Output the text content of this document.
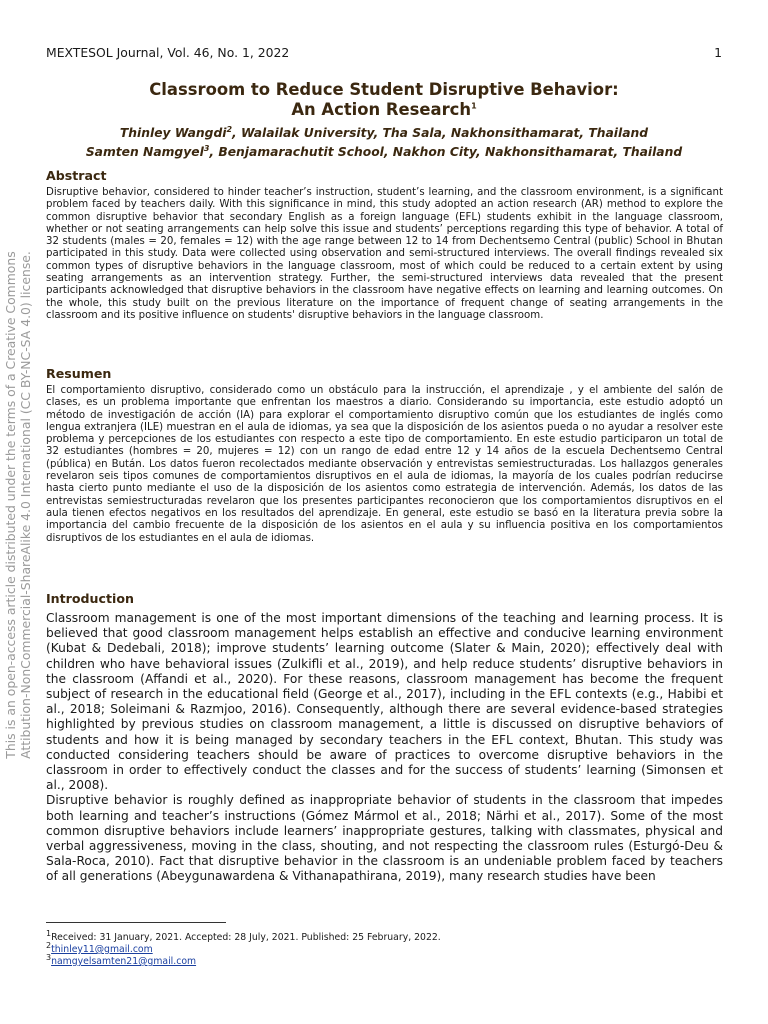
This is an open-access article distributed under the terms of a Creative Commons Attibution-NonCommercial-ShareAlike 4.0 International (CC BY-NC-SA 4.0) license.
MEXTESOL Journal, Vol. 46, No. 1, 2022	1
Classroom to Reduce Student Disruptive Behavior:
An Action Research$^1$
Thinley Wangdi$^2$, Walailak University, Tha Sala, Nakhonsithamarat, Thailand
Samten Namgyel$^3$, Benjamarachutit School, Nakhon City, Nakhonsithamarat, Thailand
Abstract
Disruptive behavior, considered to hinder teacher’s instruction, student’s learning, and the classroom environment, is a significant problem faced by teachers daily. With this significance in mind, this study adopted an action research (AR) method to explore the common disruptive behavior that secondary English as a foreign language (EFL) students exhibit in the language classroom, whether or not seating arrangements can help solve this issue and students’ perceptions regarding this type of behavior. A total of 32 students (males = 20, females = 12) with the age range between 12 to 14 from Dechentsemo Central (public) School in Bhutan participated in this study. Data were collected using observation and semi-structured interviews. The overall findings revealed six common types of disruptive behaviors in the language classroom, most of which could be reduced to a certain extent by using seating arrangements as an intervention strategy. Further, the semi-structured interviews data revealed that the present participants acknowledged that disruptive behaviors in the classroom have negative effects on learning and learning outcomes. On the whole, this study built on the previous literature on the importance of frequent change of seating arrangements in the classroom and its positive influence on students' disruptive behaviors in the language classroom.
Resumen
El comportamiento disruptivo, considerado como un obstáculo para la instrucción, el aprendizaje , y el ambiente del salón de clases, es un problema importante que enfrentan los maestros a diario. Considerando su importancia, este estudio adoptó un método de investigación de acción (IA) para explorar el comportamiento disruptivo común que los estudiantes de inglés como lengua extranjera (ILE) muestran en el aula de idiomas, ya sea que la disposición de los asientos pueda o no ayudar a resolver este problema y percepciones de los estudiantes con respecto a este tipo de comportamiento. En este estudio participaron un total de 32 estudiantes (hombres = 20, mujeres = 12) con un rango de edad entre 12 y 14 años de la escuela Dechentsemo Central (pública) en Bután. Los datos fueron recolectados mediante observación y entrevistas semiestructuradas. Los hallazgos generales revelaron seis tipos comunes de comportamientos disruptivos en el aula de idiomas, la mayoría de los cuales podrían reducirse hasta cierto punto mediante el uso de la disposición de los asientos como estrategia de intervención. Además, los datos de las entrevistas semiestructuradas revelaron que los presentes participantes reconocieron que los comportamientos disruptivos en el aula tienen efectos negativos en los resultados del aprendizaje. En general, este estudio se basó en la literatura previa sobre la importancia del cambio frecuente de la disposición de los asientos en el aula y su influencia positiva en los comportamientos disruptivos de los estudiantes en el aula de idiomas.
Introduction

Classroom management is one of the most important dimensions of the teaching and learning process. It is believed that good classroom management helps establish an effective and conducive learning environment (Kubat & Dedebali, 2018); improve students’ learning outcome (Slater & Main, 2020); effectively deal with children who have behavioral issues (Zulkifli et al., 2019), and help reduce students’ disruptive behaviors in the classroom (Affandi et al., 2020). For these reasons, classroom management has become the frequent subject of research in the educational field (George et al., 2017), including in the EFL contexts (e.g., Habibi et al., 2018; Soleimani & Razmjoo, 2016). Consequently, although there are several evidence-based strategies highlighted by previous studies on classroom management, a little is discussed on disruptive behaviors of students and how it is being managed by secondary teachers in the EFL context, Bhutan. This study was conducted considering teachers should be aware of practices to overcome disruptive behaviors in the classroom in order to effectively conduct the classes and for the success of students’ learning (Simonsen et al., 2008).

Disruptive behavior is roughly defined as inappropriate behavior of students in the classroom that impedes both learning and teacher’s instructions (Gómez Mármol et al., 2018; Närhi et al., 2017). Some of the most common disruptive behaviors include learners’ inappropriate gestures, talking with classmates, physical and verbal aggressiveness, moving in the class, shouting, and not respecting the classroom rules (Esturgó-Deu & Sala-Roca, 2010). Fact that disruptive behavior in the classroom is an undeniable problem faced by teachers of all generations (Abeygunawardena & Vithanapathirana, 2019), many research studies have been

$^1$Received: 31 January, 2021. Accepted: 28 July, 2021. Published: 25 February, 2022.
$^2$thinley11@gmail.com
$^3$namgyelsamten21@gmail.com
